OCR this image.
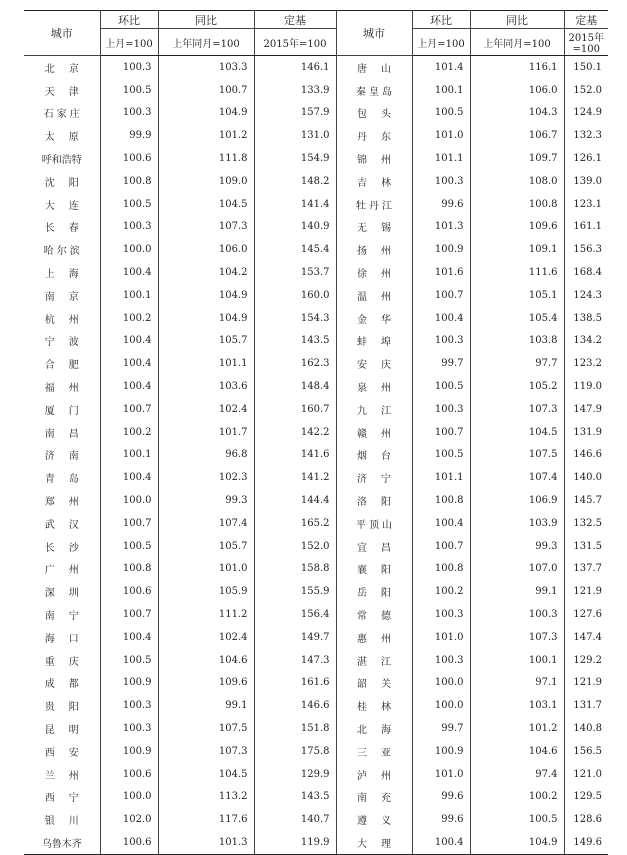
城市	环比	同比	定基	城市	环比	同比	定基
	上月=100	上年同月=100	2015年=100		上月=100	上年同月=100	2015年=100
北京	100.3	103.3	146.1	唐山	101.4	116.1	150.1
天津	100.5	100.7	133.9	秦皇岛	100.1	106.0	152.0
石家庄	100.3	104.9	157.9	包头	100.5	104.3	124.9
太原	99.9	101.2	131.0	丹东	101.0	106.7	132.3
呼和浩特	100.6	111.8	154.9	锦州	101.1	109.7	126.1
沈阳	100.8	109.0	148.2	吉林	100.3	108.0	139.0
大连	100.5	104.5	141.4	牡丹江	99.6	100.8	123.1
长春	100.3	107.3	140.9	无锡	101.3	109.6	161.1
哈尔滨	100.0	106.0	145.4	扬州	100.9	109.1	156.3
上海	100.4	104.2	153.7	徐州	101.6	111.6	168.4
南京	100.1	104.9	160.0	温州	100.7	105.1	124.3
杭州	100.2	104.9	154.3	金华	100.4	105.4	138.5
宁波	100.4	105.7	143.5	蚌埠	100.3	103.8	134.2
合肥	100.4	101.1	162.3	安庆	99.7	97.7	123.2
福州	100.4	103.6	148.4	泉州	100.5	105.2	119.0
厦门	100.7	102.4	160.7	九江	100.3	107.3	147.9
南昌	100.2	101.7	142.2	赣州	100.7	104.5	131.9
济南	100.1	96.8	141.6	烟台	100.5	107.5	146.6
青岛	100.4	102.3	141.2	济宁	101.1	107.4	140.0
郑州	100.0	99.3	144.4	洛阳	100.8	106.9	145.7
武汉	100.7	107.4	165.2	平顶山	100.4	103.9	132.5
长沙	100.5	105.7	152.0	宜昌	100.7	99.3	131.5
广州	100.8	101.0	158.8	襄阳	100.8	107.0	137.7
深圳	100.6	105.9	155.9	岳阳	100.2	99.1	121.9
南宁	100.7	111.2	156.4	常德	100.3	100.3	127.6
海口	100.4	102.4	149.7	惠州	101.0	107.3	147.4
重庆	100.5	104.6	147.3	湛江	100.3	100.1	129.2
成都	100.9	109.6	161.6	韶关	100.0	97.1	121.9
贵阳	100.3	99.1	146.6	桂林	100.0	103.1	131.7
昆明	100.3	107.5	151.8	北海	99.7	101.2	140.8
西安	100.9	107.3	175.8	三亚	100.9	104.6	156.5
兰州	100.6	104.5	129.9	泸州	101.0	97.4	121.0
西宁	100.0	113.2	143.5	南充	99.6	100.2	129.5
银川	102.0	117.6	140.7	遵义	99.6	100.5	128.6
乌鲁木齐	100.6	101.3	119.9	大理	100.4	104.9	149.6
